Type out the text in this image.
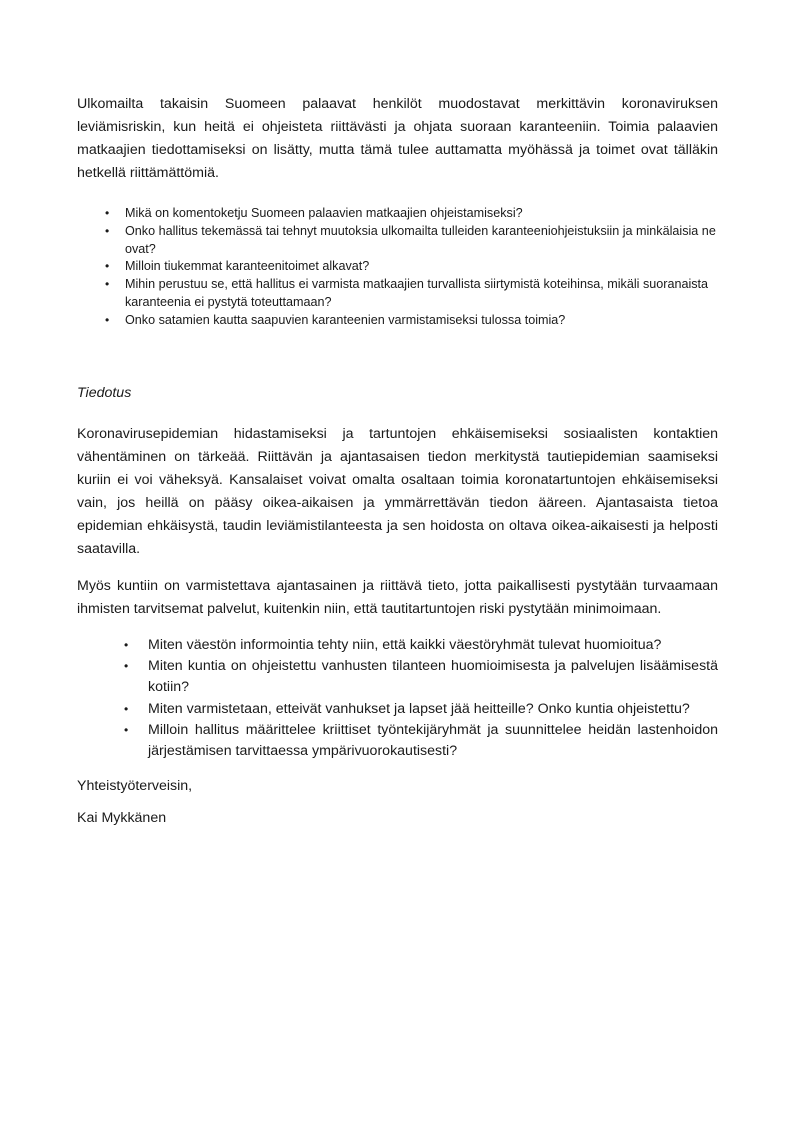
Ulkomailta takaisin Suomeen palaavat henkilöt muodostavat merkittävin koronaviruksen leviämisriskin, kun heitä ei ohjeisteta riittävästi ja ohjata suoraan karanteeniin. Toimia palaavien matkaajien tiedottamiseksi on lisätty, mutta tämä tulee auttamatta myöhässä ja toimet ovat tälläkin hetkellä riittämättömiä.

• Mikä on komentoketju Suomeen palaavien matkaajien ohjeistamiseksi?
• Onko hallitus tekemässä tai tehnyt muutoksia ulkomailta tulleiden karanteeniohjeistuksiin ja minkälaisia ne ovat?
• Milloin tiukemmat karanteenitoimet alkavat?
• Mihin perustuu se, että hallitus ei varmista matkaajien turvallista siirtymistä koteihinsa, mikäli suoranaista karanteenia ei pystytä toteuttamaan?
• Onko satamien kautta saapuvien karanteenien varmistamiseksi tulossa toimia?

Tiedotus

Koronavirusepidemian hidastamiseksi ja tartuntojen ehkäisemiseksi sosiaalisten kontaktien vähentäminen on tärkeää. Riittävän ja ajantasaisen tiedon merkitystä tautiepidemian saamiseksi kuriin ei voi väheksyä. Kansalaiset voivat omalta osaltaan toimia koronatartuntojen ehkäisemiseksi vain, jos heillä on pääsy oikea-aikaisen ja ymmärrettävän tiedon ääreen. Ajantasaista tietoa epidemian ehkäisystä, taudin leviämistilanteesta ja sen hoidosta on oltava oikea-aikaisesti ja helposti saatavilla.

Myös kuntiin on varmistettava ajantasainen ja riittävä tieto, jotta paikallisesti pystytään turvaamaan ihmisten tarvitsemat palvelut, kuitenkin niin, että tautitartuntojen riski pystytään minimoimaan.

• Miten väestön informointia tehty niin, että kaikki väestöryhmät tulevat huomioitua?
• Miten kuntia on ohjeistettu vanhusten tilanteen huomioimisesta ja palvelujen lisäämisestä kotiin?
• Miten varmistetaan, etteivät vanhukset ja lapset jää heitteille? Onko kuntia ohjeistettu?
• Milloin hallitus määrittelee kriittiset työntekijäryhmät ja suunnittelee heidän lastenhoidon järjestämisen tarvittaessa ympärivuorokautisesti?

Yhteistyöterveisin,

Kai Mykkänen
